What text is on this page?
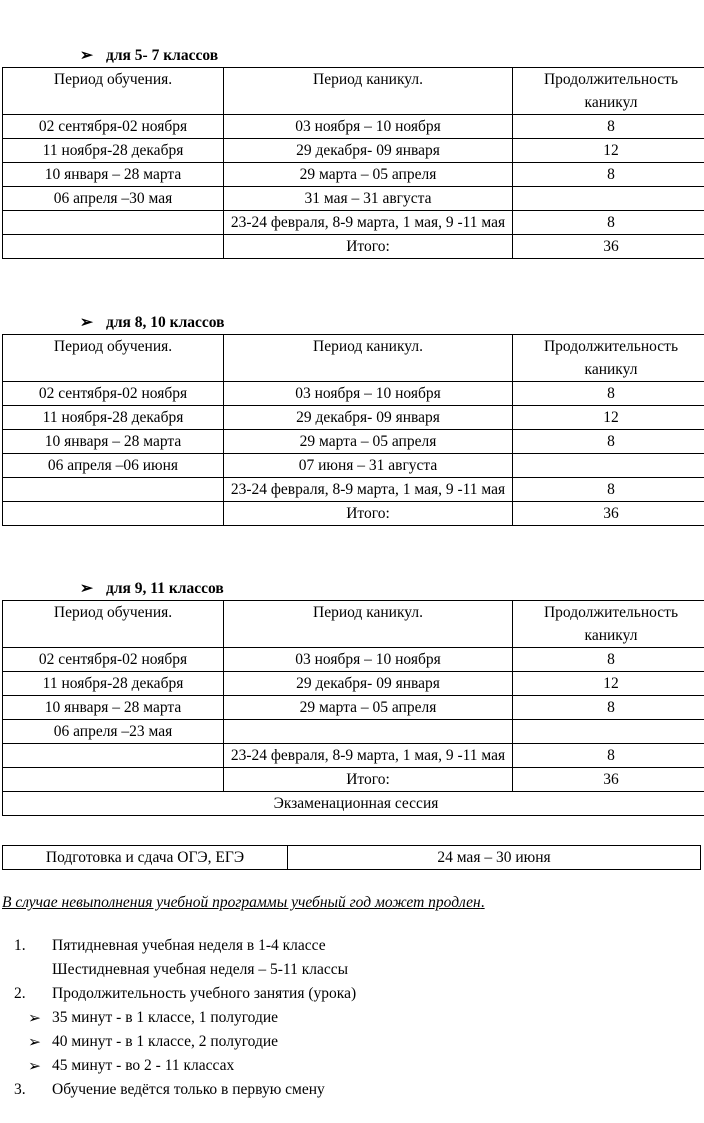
➢ для 5- 7 классов
Период обучения.	Период каникул.	Продолжительность каникул
02 сентября-02 ноября	03 ноября – 10 ноября	8
11 ноября-28 декабря	29 декабря- 09 января	12
10 января – 28 марта	29 марта – 05 апреля	8
06 апреля –30 мая	31 мая – 31 августа	
	23-24 февраля, 8-9 марта, 1 мая, 9 -11 мая	8
	Итого:	36
➢ для 8, 10 классов
Период обучения.	Период каникул.	Продолжительность каникул
02 сентября-02 ноября	03 ноября – 10 ноября	8
11 ноября-28 декабря	29 декабря- 09 января	12
10 января – 28 марта	29 марта – 05 апреля	8
06 апреля –06 июня	07 июня – 31 августа	
	23-24 февраля, 8-9 марта, 1 мая, 9 -11 мая	8
	Итого:	36
➢ для 9, 11 классов
Период обучения.	Период каникул.	Продолжительность каникул
02 сентября-02 ноября	03 ноября – 10 ноября	8
11 ноября-28 декабря	29 декабря- 09 января	12
10 января – 28 марта	29 марта – 05 апреля	8
06 апреля –23 мая		
	23-24 февраля, 8-9 марта, 1 мая, 9 -11 мая	8
	Итого:	36
Экзаменационная сессия		
Подготовка и сдача ОГЭ, ЕГЭ	24 мая – 30 июня
В случае невыполнения учебной программы учебный год может продлен.
1. Пятидневная учебная неделя в 1-4 классе
Шестидневная учебная неделя – 5-11 классы
2. Продолжительность учебного занятия (урока)
➢ 35 минут - в 1 классе, 1 полугодие
➢ 40 минут - в 1 классе, 2 полугодие
➢ 45 минут - во 2 - 11 классах
3. Обучение ведётся только в первую смену
